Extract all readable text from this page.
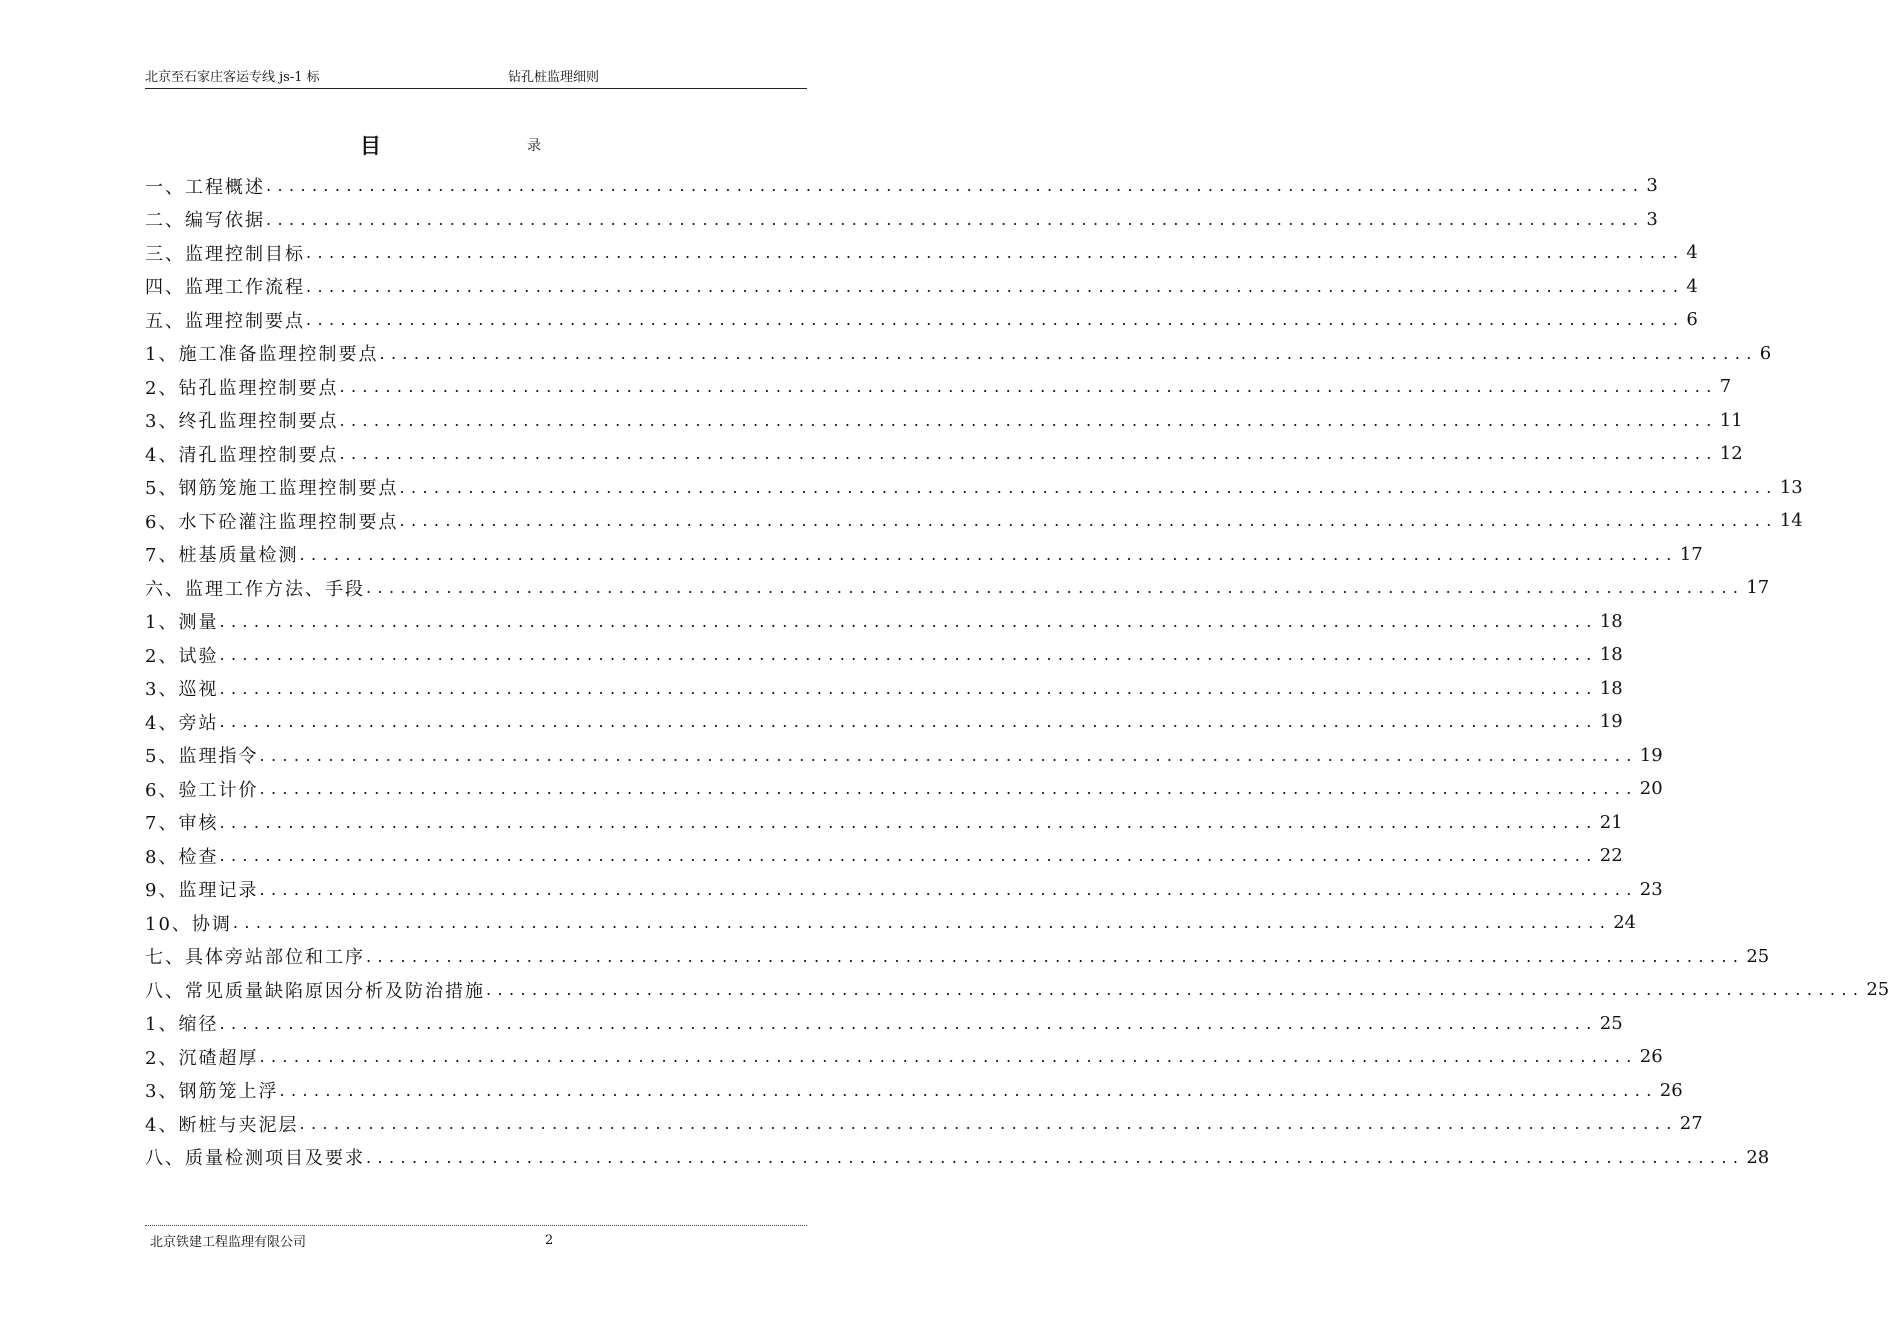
北京至石家庄客运专线 js-1 标	钻孔桩监理细则
目	录
一、工程概述 ........................................................................................................................ 3
二、编写依据 ........................................................................................................................ 3
三、监理控制目标 ........................................................................................................................ 4
四、监理工作流程 ........................................................................................................................ 4
五、监理控制要点 ........................................................................................................................ 6
1、施工准备监理控制要点 ........................................................................................................................ 6
2、钻孔监理控制要点 ........................................................................................................................ 7
3、终孔监理控制要点 ........................................................................................................................ 11
4、清孔监理控制要点 ........................................................................................................................ 12
5、钢筋笼施工监理控制要点 ........................................................................................................................ 13
6、水下砼灌注监理控制要点 ........................................................................................................................ 14
7、桩基质量检测 ........................................................................................................................ 17
六、监理工作方法、手段 ........................................................................................................................ 17
1、测量 ........................................................................................................................ 18
2、试验 ........................................................................................................................ 18
3、巡视 ........................................................................................................................ 18
4、旁站 ........................................................................................................................ 19
5、监理指令 ........................................................................................................................ 19
6、验工计价 ........................................................................................................................ 20
7、审核 ........................................................................................................................ 21
8、检查 ........................................................................................................................ 22
9、监理记录 ........................................................................................................................ 23
10、协调 ........................................................................................................................ 24
七、具体旁站部位和工序 ........................................................................................................................ 25
八、常见质量缺陷原因分析及防治措施 ........................................................................................................................ 25
1、缩径 ........................................................................................................................ 25
2、沉碴超厚 ........................................................................................................................ 26
3、钢筋笼上浮 ........................................................................................................................ 26
4、断桩与夹泥层 ........................................................................................................................ 27
八、质量检测项目及要求 ........................................................................................................................ 28
北京铁建工程监理有限公司	2
